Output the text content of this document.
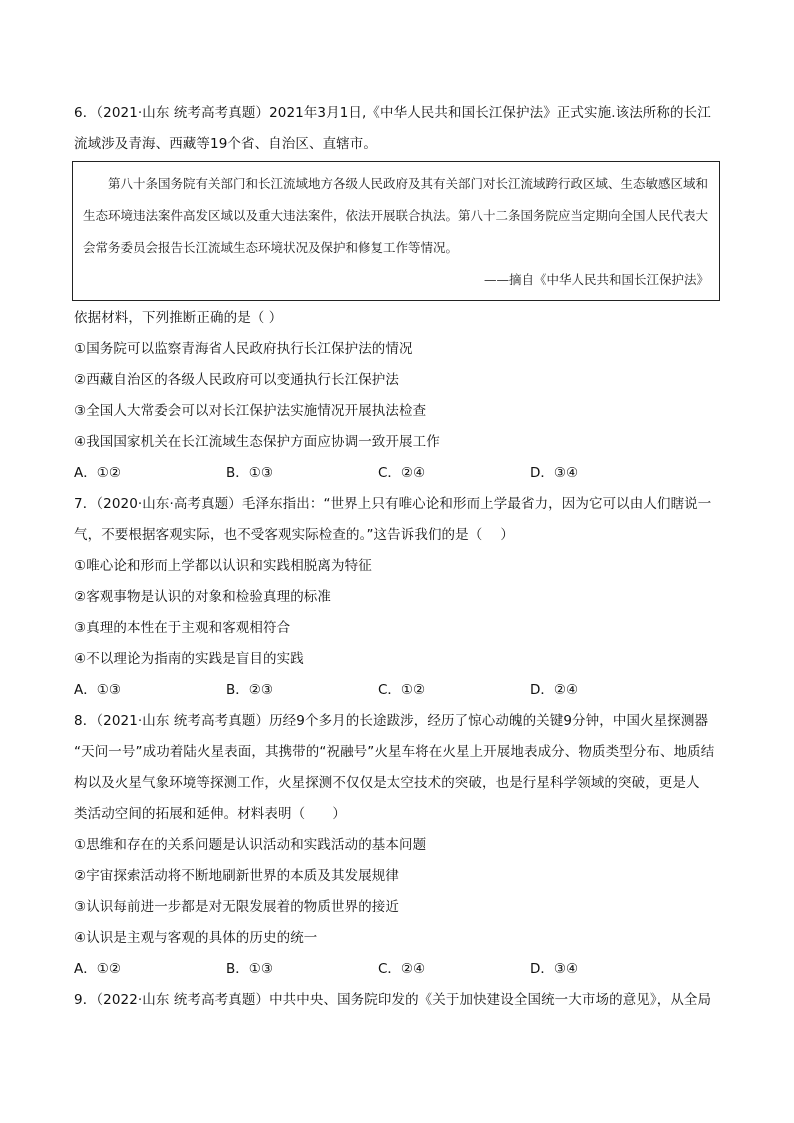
6．（2021·山东 统考高考真题）2021年3月1日,《中华人民共和国长江保护法》正式实施.该法所称的长江
流域涉及青海、西藏等19个省、自治区、直辖市。
第八十条国务院有关部门和长江流域地方各级人民政府及其有关部门对长江流域跨行政区域、生态敏感区域和生态环境违法案件高发区域以及重大违法案件，依法开展联合执法。第八十二条国务院应当定期向全国人民代表大会常务委员会报告长江流域生态环境状况及保护和修复工作等情况。
——摘自《中华人民共和国长江保护法》
依据材料，下列推断正确的是（ ）
①国务院可以监察青海省人民政府执行长江保护法的情况
②西藏自治区的各级人民政府可以变通执行长江保护法
③全国人大常委会可以对长江保护法实施情况开展执法检查
④我国国家机关在长江流域生态保护方面应协调一致开展工作
A．①②	B．①③	C．②④	D．③④
7．（2020·山东·高考真题）毛泽东指出：“世界上只有唯心论和形而上学最省力，因为它可以由人们瞎说一
气，不要根据客观实际，也不受客观实际检查的。”这告诉我们的是（　 ）
①唯心论和形而上学都以认识和实践相脱离为特征
②客观事物是认识的对象和检验真理的标准
③真理的本性在于主观和客观相符合
④不以理论为指南的实践是盲目的实践
A．①③	B．②③	C．①②	D．②④
8．（2021·山东 统考高考真题）历经9个多月的长途跋涉，经历了惊心动魄的关键9分钟，中国火星探测器
“天问一号”成功着陆火星表面，其携带的“祝融号”火星车将在火星上开展地表成分、物质类型分布、地质结
构以及火星气象环境等探测工作，火星探测不仅仅是太空技术的突破，也是行星科学领域的突破，更是人
类活动空间的拓展和延伸。材料表明（　　）
①思维和存在的关系问题是认识活动和实践活动的基本问题
②宇宙探索活动将不断地刷新世界的本质及其发展规律
③认识每前进一步都是对无限发展着的物质世界的接近
④认识是主观与客观的具体的历史的统一
A．①②	B．①③	C．②④	D．③④
9．（2022·山东 统考高考真题）中共中央、国务院印发的《关于加快建设全国统一大市场的意见》，从全局
